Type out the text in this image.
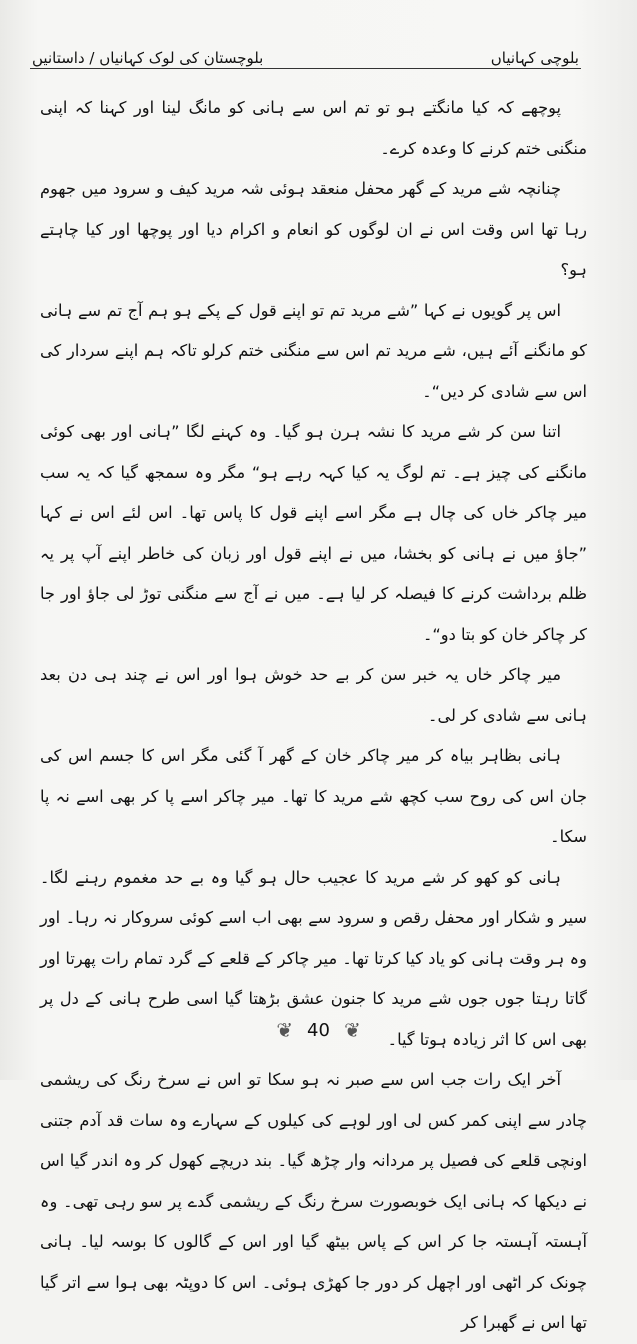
بلوچی کہانیاں
بلوچستان کی لوک کہانیاں / داستانیں

پوچھے کہ کیا مانگتے ہو تو تم اس سے ہانی کو مانگ لینا اور کہنا کہ اپنی منگنی ختم کرنے کا وعدہ کرے۔

چنانچہ شے مرید کے گھر محفل منعقد ہوئی شہ مرید کیف و سرود میں جھوم رہا تھا اس وقت اس نے ان لوگوں کو انعام و اکرام دیا اور پوچھا اور کیا چاہتے ہو؟

اس پر گویوں نے کہا ”شے مرید تم تو اپنے قول کے پکے ہو ہم آج تم سے ہانی کو مانگنے آئے ہیں، شے مرید تم اس سے منگنی ختم کرلو تاکہ ہم اپنے سردار کی اس سے شادی کر دیں“۔

اتنا سن کر شے مرید کا نشہ ہرن ہو گیا۔ وہ کہنے لگا ”ہانی اور بھی کوئی مانگنے کی چیز ہے۔ تم لوگ یہ کیا کہہ رہے ہو“ مگر وہ سمجھ گیا کہ یہ سب میر چاکر خاں کی چال ہے مگر اسے اپنے قول کا پاس تھا۔ اس لئے اس نے کہا ”جاؤ میں نے ہانی کو بخشا، میں نے اپنے قول اور زبان کی خاطر اپنے آپ پر یہ ظلم برداشت کرنے کا فیصلہ کر لیا ہے۔ میں نے آج سے منگنی توڑ لی جاؤ اور جا کر چاکر خان کو بتا دو“۔

میر چاکر خاں یہ خبر سن کر بے حد خوش ہوا اور اس نے چند ہی دن بعد ہانی سے شادی کر لی۔

ہانی بظاہر بیاہ کر میر چاکر خان کے گھر آ گئی مگر اس کا جسم اس کی جان اس کی روح سب کچھ شے مرید کا تھا۔ میر چاکر اسے پا کر بھی اسے نہ پا سکا۔

ہانی کو کھو کر شے مرید کا عجیب حال ہو گیا وہ بے حد مغموم رہنے لگا۔ سیر و شکار اور محفل رقص و سرود سے بھی اب اسے کوئی سروکار نہ رہا۔ اور وہ ہر وقت ہانی کو یاد کیا کرتا تھا۔ میر چاکر کے قلعے کے گرد تمام رات پھرتا اور گاتا رہتا جوں جوں شے مرید کا جنون عشق بڑھتا گیا اسی طرح ہانی کے دل پر بھی اس کا اثر زیادہ ہوتا گیا۔

آخر ایک رات جب اس سے صبر نہ ہو سکا تو اس نے سرخ رنگ کی ریشمی چادر سے اپنی کمر کس لی اور لوہے کی کیلوں کے سہارے وہ سات قد آدم جتنی اونچی قلعے کی فصیل پر مردانہ وار چڑھ گیا۔ بند دریچے کھول کر وہ اندر گیا اس نے دیکھا کہ ہانی ایک خوبصورت سرخ رنگ کے ریشمی گدے پر سو رہی تھی۔ وہ آہستہ آہستہ جا کر اس کے پاس بیٹھ گیا اور اس کے گالوں کا بوسہ لیا۔ ہانی چونک کر اٹھی اور اچھل کر دور جا کھڑی ہوئی۔ اس کا دوپٹہ بھی ہوا سے اتر گیا تھا اس نے گھبرا کر

❦ 40 ❦
